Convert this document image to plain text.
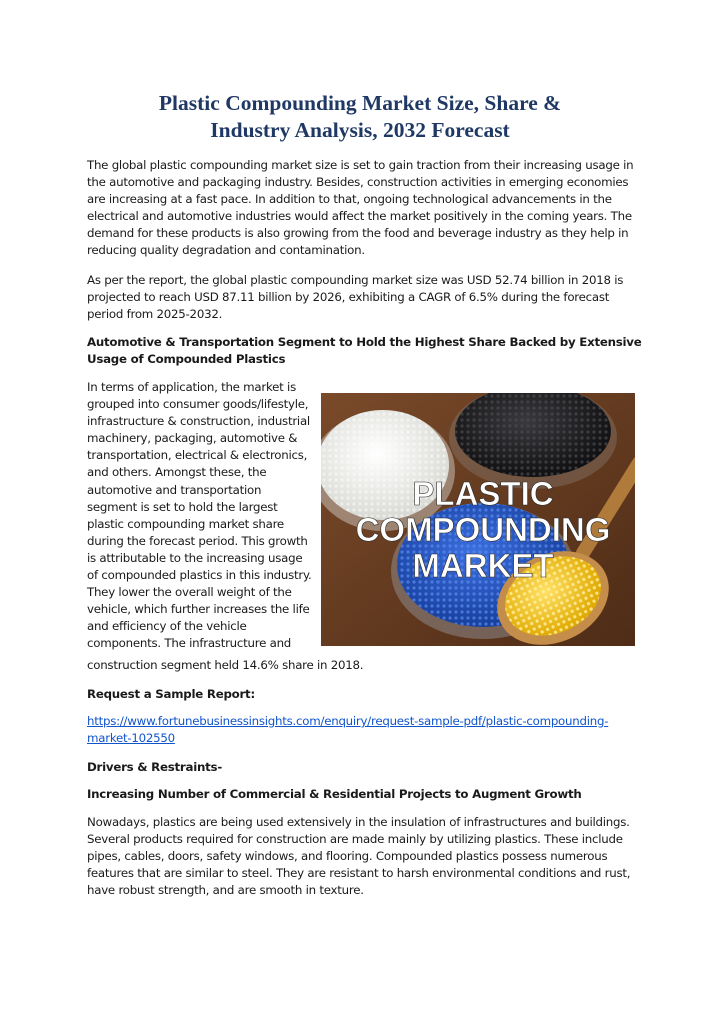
Plastic Compounding Market Size, Share &
Industry Analysis, 2032 Forecast

The global plastic compounding market size is set to gain traction from their increasing usage in the automotive and packaging industry. Besides, construction activities in emerging economies are increasing at a fast pace. In addition to that, ongoing technological advancements in the electrical and automotive industries would affect the market positively in the coming years. The demand for these products is also growing from the food and beverage industry as they help in reducing quality degradation and contamination.

As per the report, the global plastic compounding market size was USD 52.74 billion in 2018 is projected to reach USD 87.11 billion by 2026, exhibiting a CAGR of 6.5% during the forecast period from 2025-2032.

Automotive & Transportation Segment to Hold the Highest Share Backed by Extensive Usage of Compounded Plastics

In terms of application, the market is grouped into consumer goods/lifestyle, infrastructure & construction, industrial machinery, packaging, automotive & transportation, electrical & electronics, and others. Amongst these, the automotive and transportation segment is set to hold the largest plastic compounding market share during the forecast period. This growth is attributable to the increasing usage of compounded plastics in this industry. They lower the overall weight of the vehicle, which further increases the life and efficiency of the vehicle components. The infrastructure and

PLASTIC
COMPOUNDING
MARKET

construction segment held 14.6% share in 2018.

Request a Sample Report:

https://www.fortunebusinessinsights.com/enquiry/request-sample-pdf/plastic-compounding-market-102550

Drivers & Restraints-

Increasing Number of Commercial & Residential Projects to Augment Growth

Nowadays, plastics are being used extensively in the insulation of infrastructures and buildings. Several products required for construction are made mainly by utilizing plastics. These include pipes, cables, doors, safety windows, and flooring. Compounded plastics possess numerous features that are similar to steel. They are resistant to harsh environmental conditions and rust, have robust strength, and are smooth in texture.
